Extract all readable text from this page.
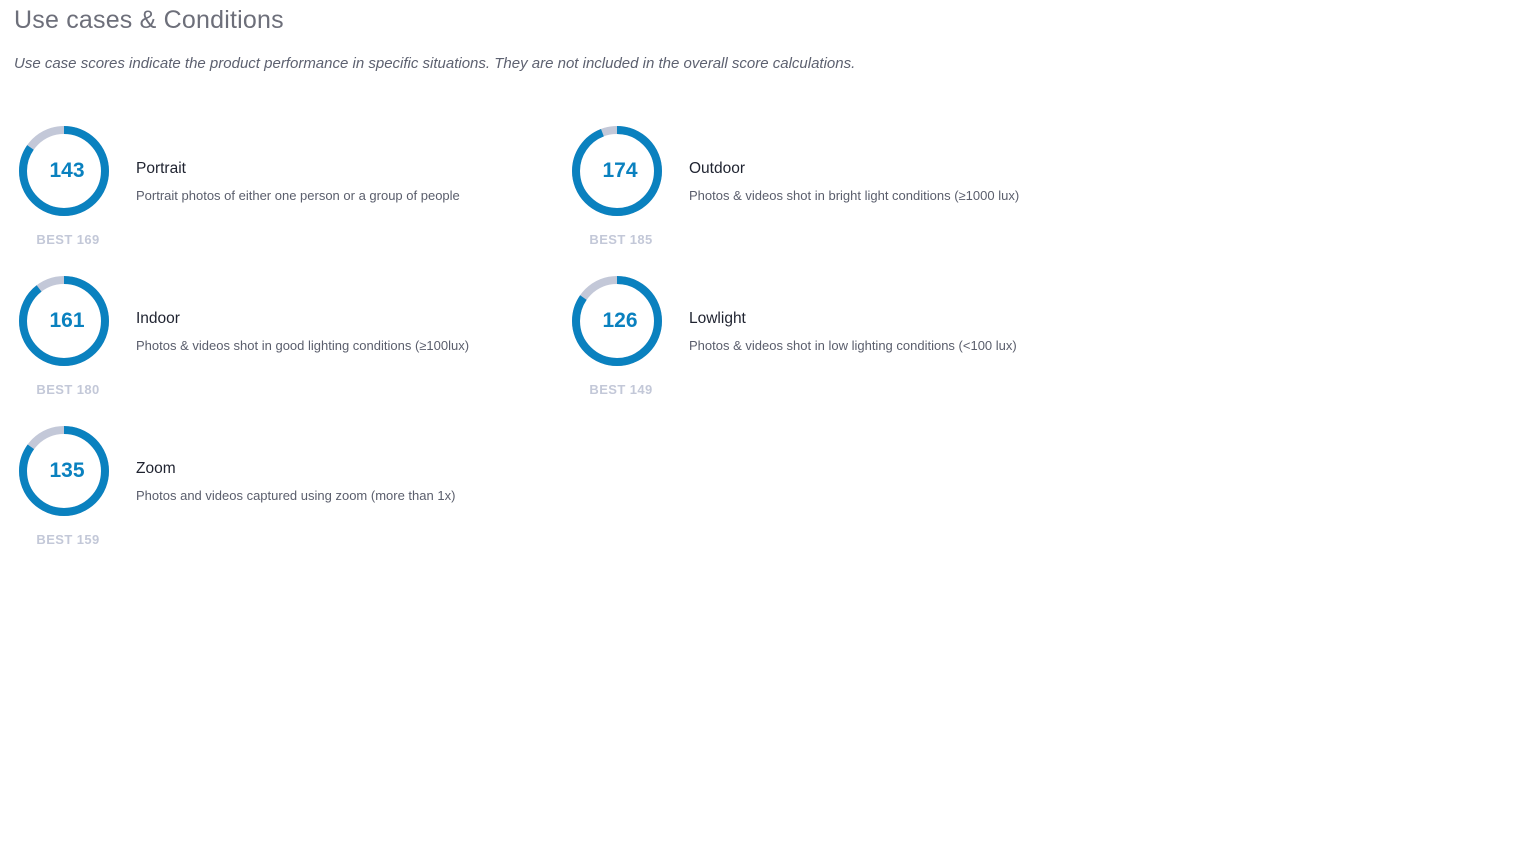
Use cases & Conditions

Use case scores indicate the product performance in specific situations. They are not included in the overall score calculations.

143
BEST 169
Portrait
Portrait photos of either one person or a group of people
174
BEST 185
Outdoor
Photos & videos shot in bright light conditions (≥1000 lux)
161
BEST 180
Indoor
Photos & videos shot in good lighting conditions (≥100lux)
126
BEST 149
Lowlight
Photos & videos shot in low lighting conditions (<100 lux)
135
BEST 159
Zoom
Photos and videos captured using zoom (more than 1x)
